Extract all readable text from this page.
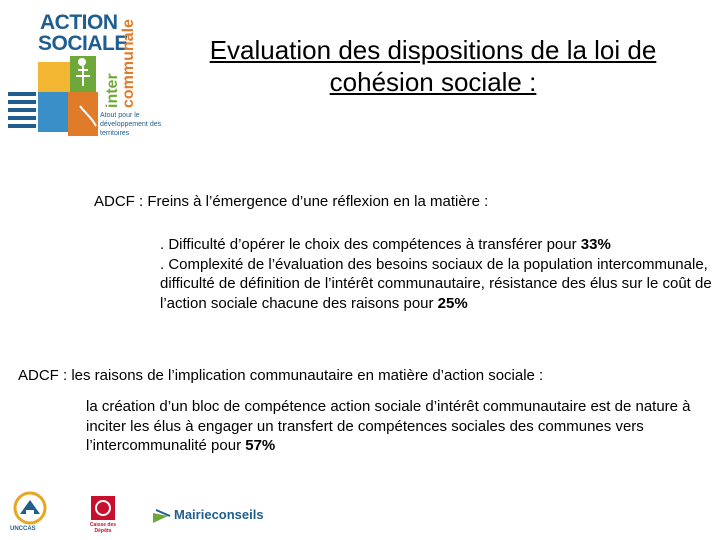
ACTION
SOCIALE
inter communale
Atout pour le développement des territoires
Evaluation des dispositions de la loi de cohésion sociale :
ADCF : Freins à l’émergence d’une réflexion en la matière :
. Difficulté d’opérer le choix des compétences à transférer pour 33%
. Complexité de l’évaluation des besoins sociaux de la population intercommunale, difficulté de définition de l’intérêt communautaire, résistance des élus sur le coût de l’action sociale chacune des raisons pour 25%
ADCF : les raisons de l’implication communautaire en matière d’action sociale :
la création d’un bloc de compétence action sociale d’intérêt communautaire est de nature à inciter les élus à engager un transfert de compétences sociales des communes vers l’intercommunalité pour 57%
UNCCAS
Caisse des Dépôts
Mairieconseils
